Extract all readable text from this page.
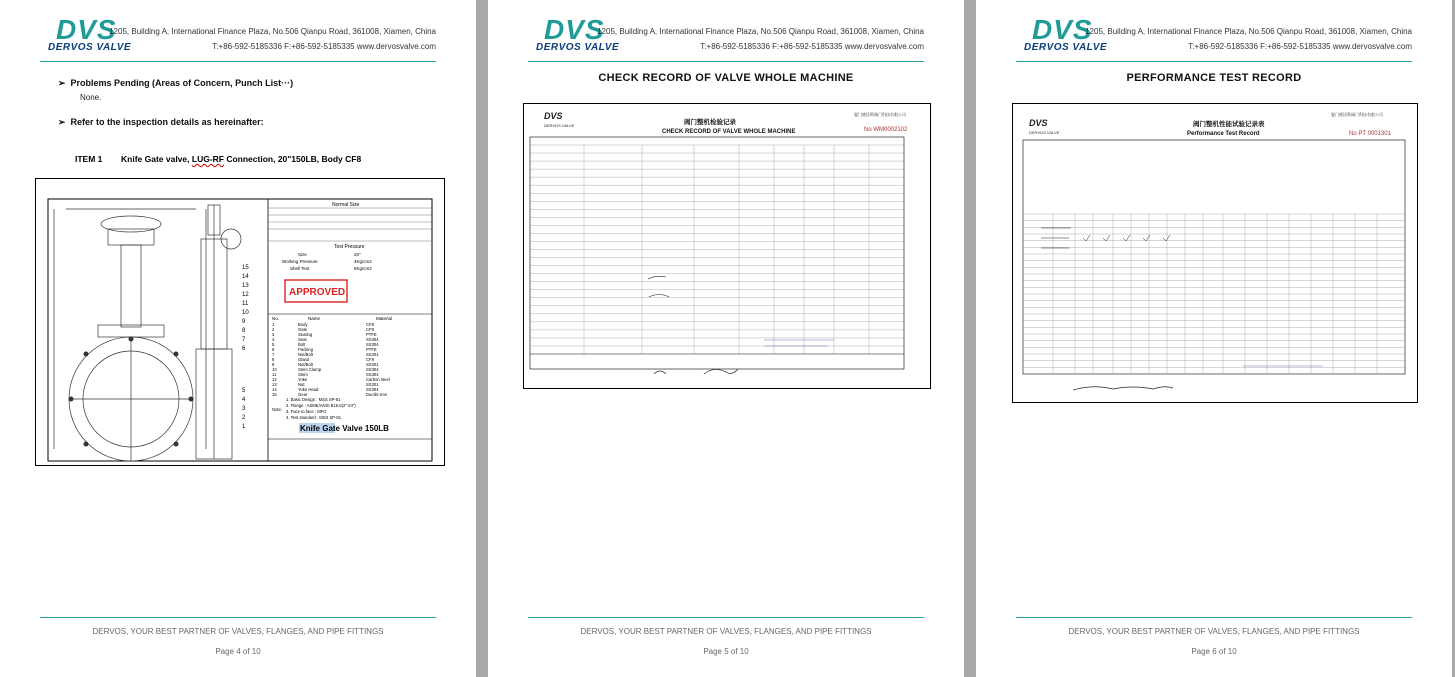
DVS
DERVOS VALVE
1205, Building A, International Finance Plaza, No.506 Qianpu Road, 361008, Xiamen, China
T:+86-592-5185336 F:+86-592-5185335 www.dervosvalve.com
➢  Problems Pending (Areas of Concern, Punch List···)
None.
➢  Refer to the inspection details as hereinafter:
ITEM 1 Knife Gate valve, LUG-RF Connection, 20"150LB, Body CF8
15
14
13
12
11
10
9
8
7
6
5
4
3
2
1
Normal Size
Test Pressure
Size	20"
Working Pressure	4Kg/cm2
Shell Test	6Kg/cm2
APPROVED
No.	Name	Material
1	Body	CF8
2	Gate	CF8
3	Seating	PTFE
4	Seat	SS304
5	Bolt	SS304
6	Packing	PTFE
7	Nut/Bolt	SS201
8	Gland	CF8
9	Nut/Bolt	SS201
10	Stem Clamp	SS304
11	Stem	SS304
12	Yoke	Carbon steel
13	Nut	SS201
14	Yoke Head	SS304
15	Gear	Ductile Iron
Note:
1. Basic Design : MSS SP-81
2. Flange : ASME/ANSI B16.5(2"-24")
3. Face to face : MFG
4. Test standard : MSS SP-81
Knife Gate Valve 150LB
DERVOS, YOUR BEST PARTNER OF VALVES, FLANGES, AND PIPE FITTINGS
Page 4 of 10
DVS
DERVOS VALVE
1205, Building A, International Finance Plaza, No.506 Qianpu Road, 361008, Xiamen, China
T:+86-592-5185336 F:+86-592-5185335 www.dervosvalve.com
CHECK RECORD OF VALVE WHOLE MACHINE
DVS
DERVOS VALVE
厦门德沃斯阀门科技有限公司
阀门整机检验记录
CHECK RECORD OF VALVE WHOLE MACHINE	No WM0002102
DERVOS, YOUR BEST PARTNER OF VALVES, FLANGES, AND PIPE FITTINGS
Page 5 of 10
DVS
DERVOS VALVE
1205, Building A, International Finance Plaza, No.506 Qianpu Road, 361008, Xiamen, China
T:+86-592-5185336 F:+86-592-5185335 www.dervosvalve.com
PERFORMANCE TEST RECORD
DVS
DERVOS VALVE
厦门德沃斯阀门科技有限公司
阀门整机性能试验记录表
Performance Test Record	No PT 0001301
DERVOS, YOUR BEST PARTNER OF VALVES, FLANGES, AND PIPE FITTINGS
Page 6 of 10
